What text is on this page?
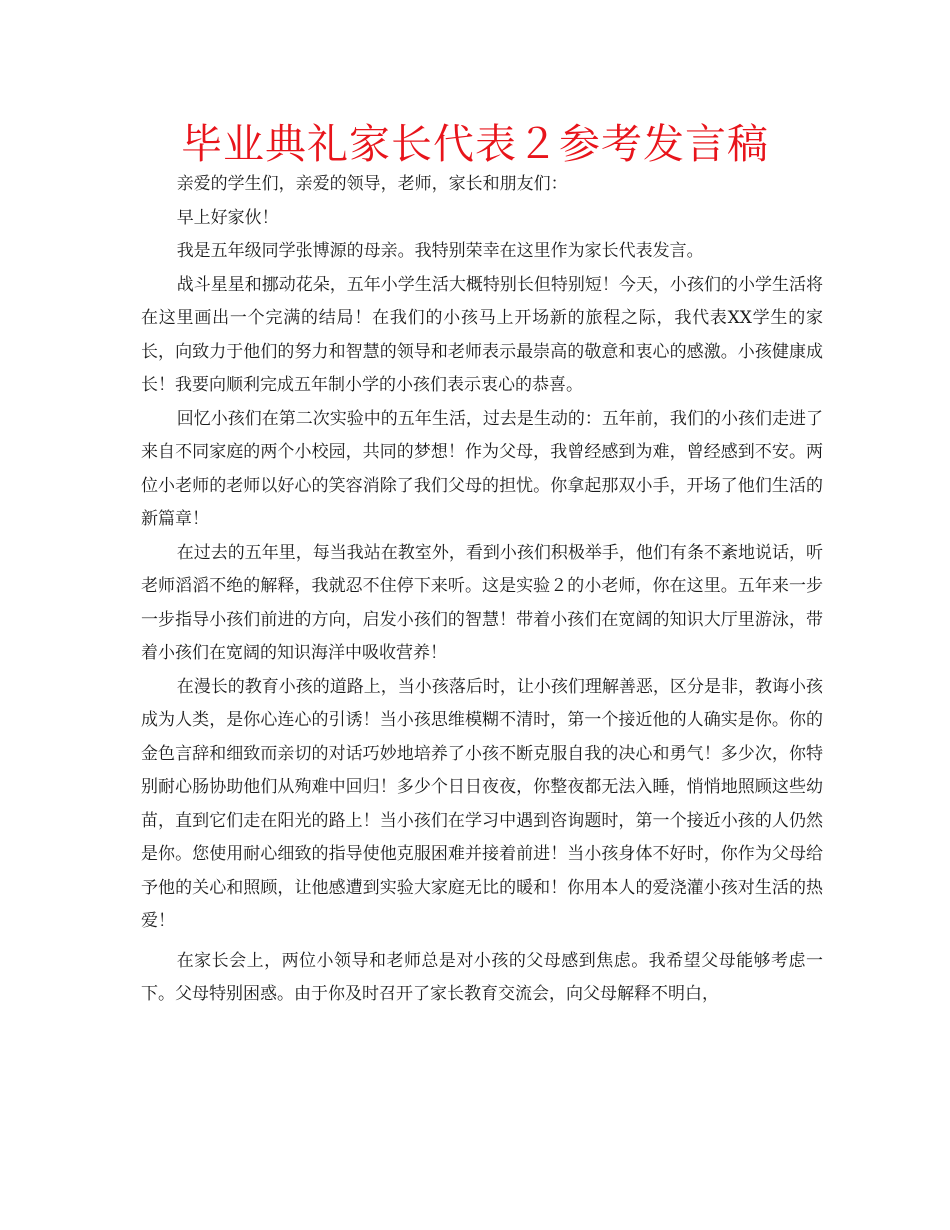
毕业典礼家长代表２参考发言稿

亲爱的学生们，亲爱的领导，老师，家长和朋友们：

早上好家伙！

我是五年级同学张博源的母亲。我特别荣幸在这里作为家长代表发言。

战斗星星和挪动花朵，五年小学生活大概特别长但特别短！今天，小孩们的小学生活将在这里画出一个完满的结局！在我们的小孩马上开场新的旅程之际，我代表XX学生的家长，向致力于他们的努力和智慧的领导和老师表示最崇高的敬意和衷心的感激。小孩健康成长！我要向顺利完成五年制小学的小孩们表示衷心的恭喜。

回忆小孩们在第二次实验中的五年生活，过去是生动的：五年前，我们的小孩们走进了来自不同家庭的两个小校园，共同的梦想！作为父母，我曾经感到为难，曾经感到不安。两位小老师的老师以好心的笑容消除了我们父母的担忧。你拿起那双小手，开场了他们生活的新篇章！

在过去的五年里，每当我站在教室外，看到小孩们积极举手，他们有条不紊地说话，听老师滔滔不绝的解释，我就忍不住停下来听。这是实验２的小老师，你在这里。五年来一步一步指导小孩们前进的方向，启发小孩们的智慧！带着小孩们在宽阔的知识大厅里游泳，带着小孩们在宽阔的知识海洋中吸收营养！

在漫长的教育小孩的道路上，当小孩落后时，让小孩们理解善恶，区分是非，教诲小孩成为人类，是你心连心的引诱！当小孩思维模糊不清时，第一个接近他的人确实是你。你的金色言辞和细致而亲切的对话巧妙地培养了小孩不断克服自我的决心和勇气！多少次，你特别耐心肠协助他们从殉难中回归！多少个日日夜夜，你整夜都无法入睡，悄悄地照顾这些幼苗，直到它们走在阳光的路上！当小孩们在学习中遇到咨询题时，第一个接近小孩的人仍然是你。您使用耐心细致的指导使他克服困难并接着前进！当小孩身体不好时，你作为父母给予他的关心和照顾，让他感遭到实验大家庭无比的暖和！你用本人的爱浇灌小孩对生活的热爱！

在家长会上，两位小领导和老师总是对小孩的父母感到焦虑。我希望父母能够考虑一下。父母特别困惑。由于你及时召开了家长教育交流会，向父母解释不明白，
